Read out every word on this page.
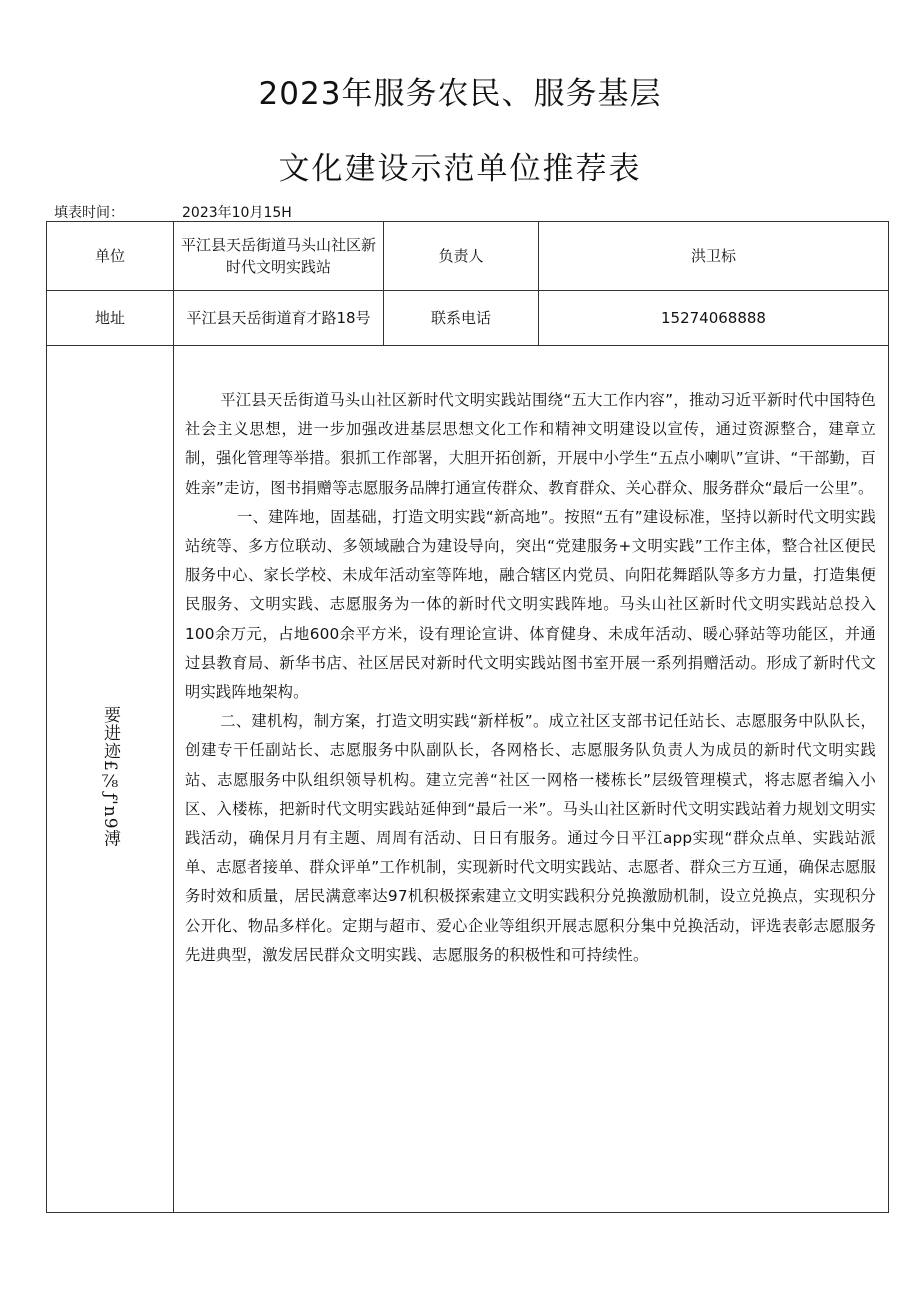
2023年服务农民、服务基层
文化建设示范单位推荐表
填表时间：	2023年10月15H
单位	平江县天岳街道马头山社区新时代文明实践站	负责人	洪卫标
地址	平江县天岳街道育才路18号	联系电话	15274068888
要进迹£⅞ƒ'n9溥	平江县天岳街道马头山社区新时代文明实践站围绕“五大工作内容”，推动习近平新时代中国特色社会主义思想，进一步加强改进基层思想文化工作和精神文明建设以宣传，通过资源整合，建章立制，强化管理等举措。狠抓工作部署，大胆开拓创新，开展中小学生“五点小喇叭”宣讲、“干部勤，百姓亲”走访，图书捐赠等志愿服务品牌打通宣传群众、教育群众、关心群众、服务群众“最后一公里”。

一、建阵地，固基础，打造文明实践“新高地”。按照“五有”建设标准，坚持以新时代文明实践站统等、多方位联动、多领域融合为建设导向，突出“党建服务+文明实践”工作主体，整合社区便民服务中心、家长学校、未成年活动室等阵地，融合辖区内党员、向阳花舞蹈队等多方力量，打造集便民服务、文明实践、志愿服务为一体的新时代文明实践阵地。马头山社区新时代文明实践站总投入100余万元，占地600余平方米，设有理论宣讲、体育健身、未成年活动、暖心驿站等功能区，并通过县教育局、新华书店、社区居民对新时代文明实践站图书室开展一系列捐赠活动。形成了新时代文明实践阵地架构。

二、建机构，制方案，打造文明实践“新样板”。成立社区支部书记任站长、志愿服务中队队长，创建专干任副站长、志愿服务中队副队长，各网格长、志愿服务队负责人为成员的新时代文明实践站、志愿服务中队组织领导机构。建立完善“社区一网格一楼栋长”层级管理模式，将志愿者编入小区、入楼栋，把新时代文明实践站延伸到“最后一米”。马头山社区新时代文明实践站着力规划文明实践活动，确保月月有主题、周周有活动、日日有服务。通过今日平江app实现“群众点单、实践站派单、志愿者接单、群众评单”工作机制，实现新时代文明实践站、志愿者、群众三方互通，确保志愿服务时效和质量，居民满意率达97机积极探索建立文明实践积分兑换激励机制，设立兑换点，实现积分公开化、物品多样化。定期与超市、爱心企业等组织开展志愿积分集中兑换活动，评选表彰志愿服务先进典型，激发居民群众文明实践、志愿服务的积极性和可持续性。		
